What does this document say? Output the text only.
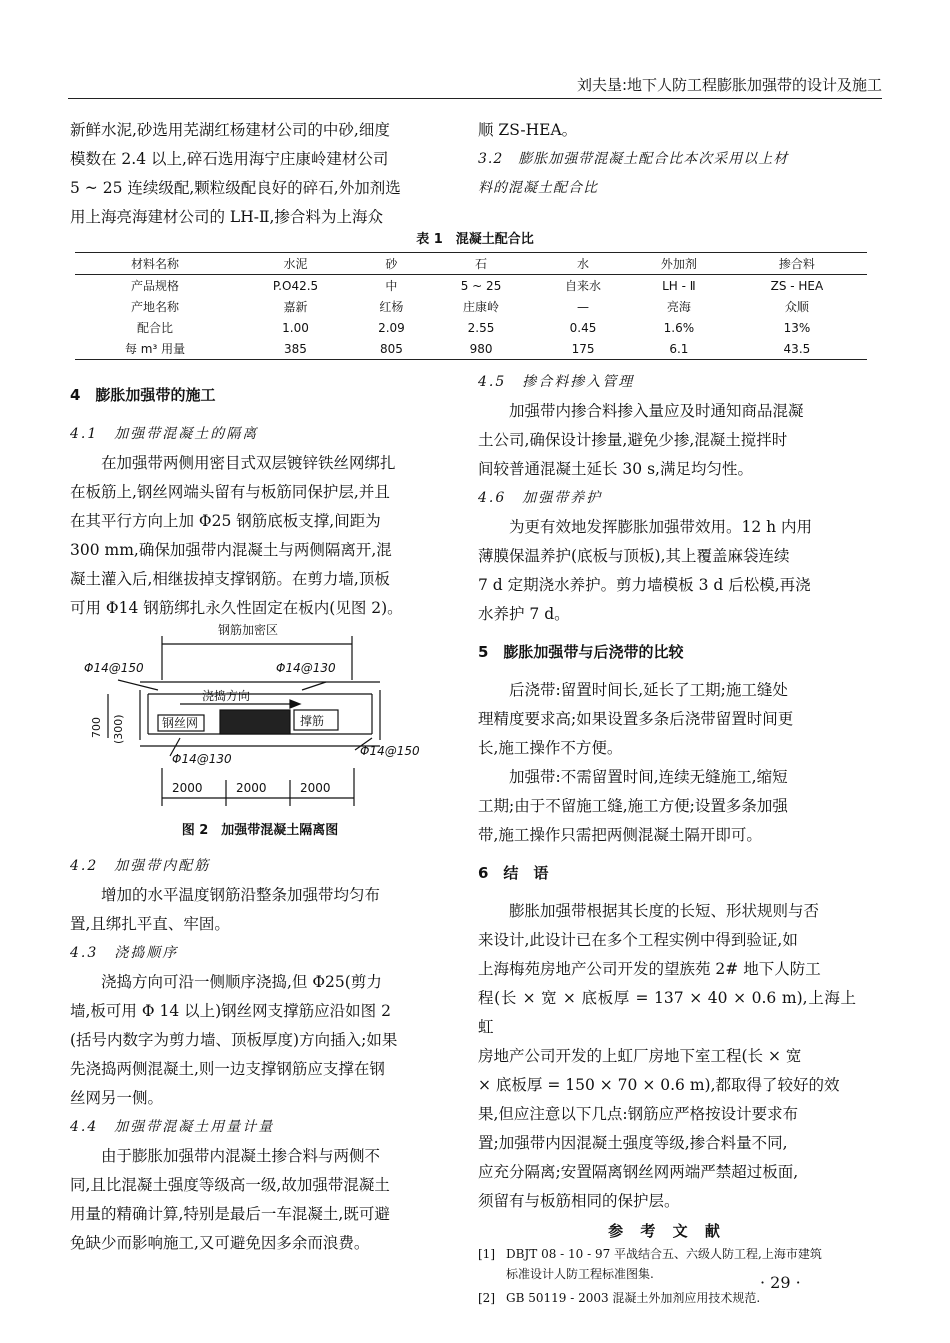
刘夫垦:地下人防工程膨胀加强带的设计及施工

新鲜水泥,砂选用芜湖红杨建材公司的中砂,细度

模数在 2.4 以上,碎石选用海宁庄康岭建材公司

5 ~ 25 连续级配,颗粒级配良好的碎石,外加剂选

用上海亮海建材公司的 LH-Ⅱ,掺合料为上海众

顺 ZS-HEA。

3.2　膨胀加强带混凝土配合比本次采用以上材

料的混凝土配合比

表 1　混凝土配合比
材料名称	水泥	砂	石	水	外加剂	掺合料
产品规格	P.O42.5	中	5 ~ 25	自来水	LH - Ⅱ	ZS - HEA
产地名称	嘉新	红杨	庄康岭	—	亮海	众顺
配合比	1.00	2.09	2.55	0.45	1.6%	13%
每 m³ 用量	385	805	980	175	6.1	43.5

4　膨胀加强带的施工

4.1　加强带混凝土的隔离

在加强带两侧用密目式双层镀锌铁丝网绑扎

在板筋上,钢丝网端头留有与板筋同保护层,并且

在其平行方向上加 Φ25 钢筋底板支撑,间距为

300 mm,确保加强带内混凝土与两侧隔离开,混

凝土灌入后,相继拔掉支撑钢筋。在剪力墙,顶板

可用 Φ14 钢筋绑扎永久性固定在板内(见图 2)。

钢筋加密区
Φ14@150	Φ14@130
浇捣方向
钢丝网	撑筋
Φ14@130
Φ14@150
2000	2000	2000
700 (300)
图 2　加强带混凝土隔离图

4.2　加强带内配筋

增加的水平温度钢筋沿整条加强带均匀布

置,且绑扎平直、牢固。

4.3　浇捣顺序

浇捣方向可沿一侧顺序浇捣,但 Φ25(剪力

墙,板可用 Φ 14 以上)钢丝网支撑筋应沿如图 2

(括号内数字为剪力墙、顶板厚度)方向插入;如果

先浇捣两侧混凝土,则一边支撑钢筋应支撑在钢

丝网另一侧。

4.4　加强带混凝土用量计量

由于膨胀加强带内混凝土掺合料与两侧不

同,且比混凝土强度等级高一级,故加强带混凝土

用量的精确计算,特别是最后一车混凝土,既可避

免缺少而影响施工,又可避免因多余而浪费。

4.5　掺合料掺入管理

加强带内掺合料掺入量应及时通知商品混凝

土公司,确保设计掺量,避免少掺,混凝土搅拌时

间较普通混凝土延长 30 s,满足均匀性。

4.6　加强带养护

为更有效地发挥膨胀加强带效用。12 h 内用

薄膜保温养护(底板与顶板),其上覆盖麻袋连续

7 d 定期浇水养护。剪力墙模板 3 d 后松模,再浇

水养护 7 d。

5　膨胀加强带与后浇带的比较

后浇带:留置时间长,延长了工期;施工缝处

理精度要求高;如果设置多条后浇带留置时间更

长,施工操作不方便。

加强带:不需留置时间,连续无缝施工,缩短

工期;由于不留施工缝,施工方便;设置多条加强

带,施工操作只需把两侧混凝土隔开即可。

6　结　语

膨胀加强带根据其长度的长短、形状规则与否

来设计,此设计已在多个工程实例中得到验证,如

上海梅苑房地产公司开发的望族苑 2# 地下人防工

程(长 × 宽 × 底板厚 = 137 × 40 × 0.6 m),上海上虹

房地产公司开发的上虹厂房地下室工程(长 × 宽

× 底板厚 = 150 × 70 × 0.6 m),都取得了较好的效

果,但应注意以下几点:钢筋应严格按设计要求布

置;加强带内因混凝土强度等级,掺合料量不同,

应充分隔离;安置隔离钢丝网两端严禁超过板面,

须留有与板筋相同的保护层。

参 考 文 献
[1] DBJT 08 - 10 - 97 平战结合五、六级人防工程,上海市建筑
标准设计人防工程标准图集.
[2] GB 50119 - 2003 混凝土外加剂应用技术规范.
· 29 ·
